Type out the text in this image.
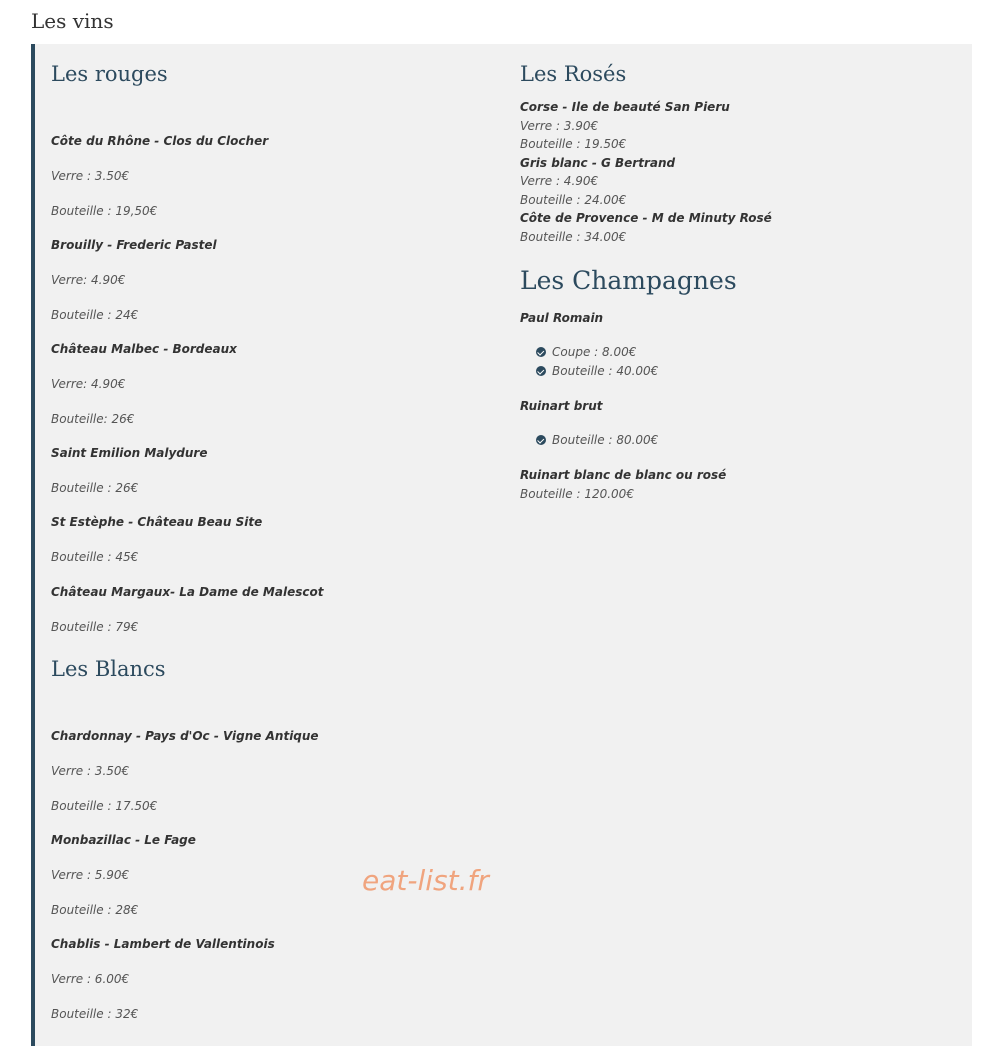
Les vins
Les rouges
Côte du Rhône - Clos du Clocher
Verre : 3.50€
Bouteille : 19,50€
Brouilly - Frederic Pastel
Verre: 4.90€
Bouteille : 24€
Château Malbec - Bordeaux
Verre: 4.90€
Bouteille: 26€
Saint Emilion Malydure
Bouteille : 26€
St Estèphe - Château Beau Site
Bouteille : 45€
Château Margaux- La Dame de Malescot
Bouteille : 79€
Les Blancs
Chardonnay - Pays d'Oc - Vigne Antique
Verre : 3.50€
Bouteille : 17.50€
Monbazillac - Le Fage
Verre : 5.90€
Bouteille : 28€
Chablis - Lambert de Vallentinois
Verre : 6.00€
Bouteille : 32€
Les Rosés
Corse - Ile de beauté San Pieru
Verre : 3.90€
Bouteille : 19.50€
Gris blanc - G Bertrand
Verre : 4.90€
Bouteille : 24.00€
Côte de Provence - M de Minuty Rosé
Bouteille : 34.00€
Les Champagnes
Paul Romain
Coupe : 8.00€
Bouteille : 40.00€
Ruinart brut
Bouteille : 80.00€
Ruinart blanc de blanc ou rosé
Bouteille : 120.00€
eat-list.fr
